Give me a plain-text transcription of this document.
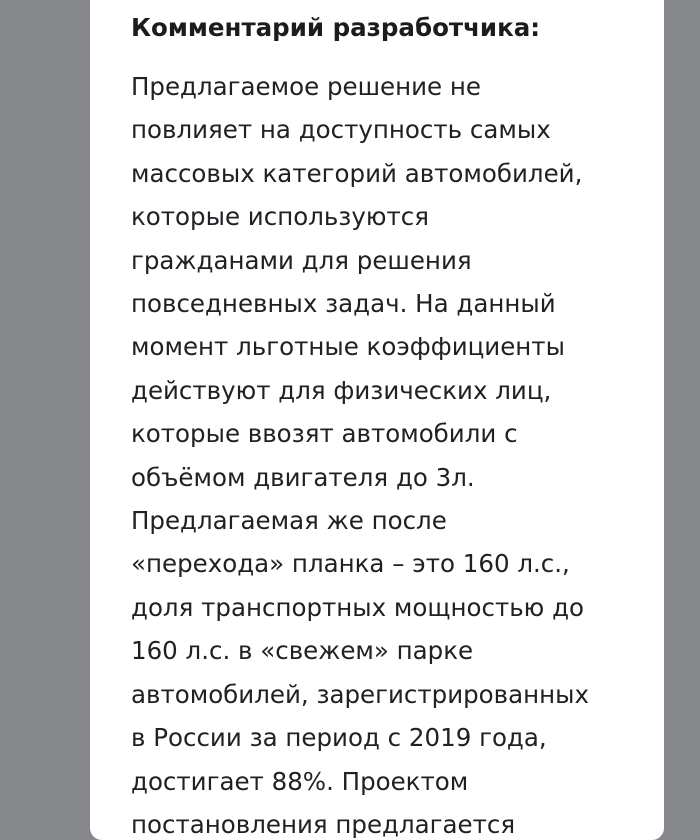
Комментарий разработчика:

Предлагаемое решение не
повлияет на доступность самых
массовых категорий автомобилей,
которые используются
гражданами для решения
повседневных задач. На данный
момент льготные коэффициенты
действуют для физических лиц,
которые ввозят автомобили с
объёмом двигателя до 3л.
Предлагаемая же после
«перехода» планка – это 160 л.с.,
доля транспортных мощностью до
160 л.с. в «свежем» парке
автомобилей, зарегистрированных
в России за период с 2019 года,
достигает 88%. Проектом
постановления предлагается
